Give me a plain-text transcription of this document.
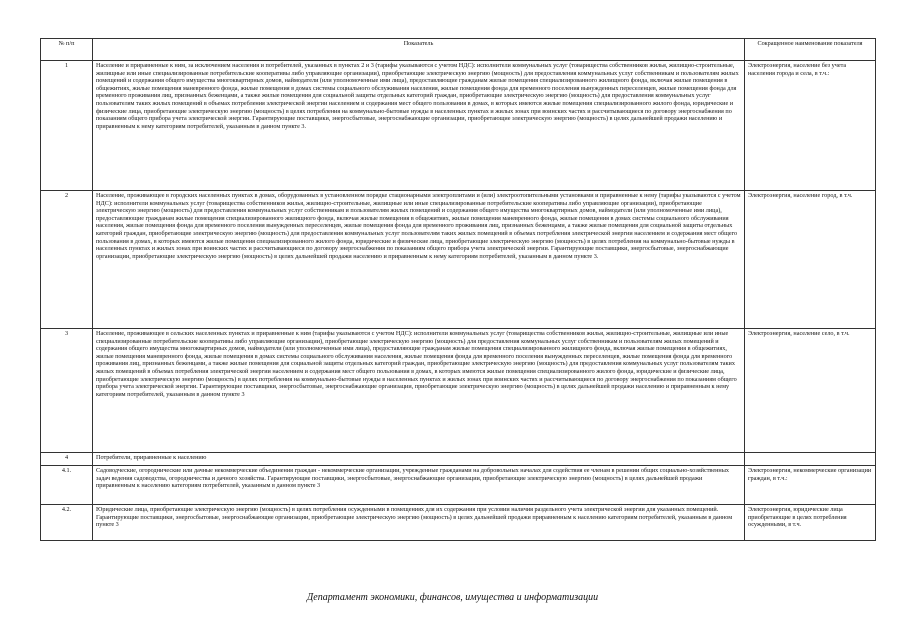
№ п/п	Показатель	Сокращенное наименование показателя
1	Население и приравненные к ним, за исключением населения и потребителей, указанных в пунктах 2 и 3 (тарифы указываются с учетом НДС): исполнители коммунальных услуг (товарищества собственников жилья, жилищно-строительные, жилищные или иные специализированные потребительские кооперативы либо управляющие организации), приобретающие электрическую энергию (мощность) для предоставления коммунальных услуг собственникам и пользователям жилых помещений и содержания общего имущества многоквартирных домов, наймодатели (или уполномоченные ими лица), предоставляющие гражданам жилые помещения специализированного жилищного фонда, включая жилые помещения в общежитиях, жилые помещения маневренного фонда, жилые помещения в домах системы социального обслуживания населения, жилые помещения фонда для временного поселения вынужденных переселенцев, жилые помещения фонда для временного проживания лиц, признанных беженцами, а также жилые помещения для социальной защиты отдельных категорий граждан, приобретающие электрическую энергию (мощность) для предоставления коммунальных услуг пользователям таких жилых помещений в объемах потребления электрической энергии населением и содержания мест общего пользования в домах, в которых имеются жилые помещения специализированного жилого фонда, юридические и физические лица, приобретающие электрическую энергию (мощность) в целях потребления на коммунально-бытовые нужды в населенных пунктах и жилых зонах при воинских частях и рассчитывающиеся по договору энергоснабжения по показаниям общего прибора учета электрической энергии. Гарантирующие поставщики, энергосбытовые, энергоснабжающие организации, приобретающие электрическую энергию (мощность) в целях дальнейшей продажи населению и приравненным к нему категориям потребителей, указанным в данном пункте 3.	Электроэнергия, население без учета населения города и села, в т.ч.:
2	Население, проживающее в городских населенных пунктах в домах, оборудованных в установленном порядке стационарными электроплитами и (или) электроотопительными установками и приравненные к нему (тарифы указываются с учетом НДС): исполнители коммунальных услуг (товарищества собственников жилья, жилищно-строительные, жилищные или иные специализированные потребительские кооперативы либо управляющие организации), приобретающие электрическую энергию (мощность) для предоставления коммунальных услуг собственникам и пользователям жилых помещений и содержания общего имущества многоквартирных домов, наймодатели (или уполномоченные ими лица), предоставляющие гражданам жилые помещения специализированного жилищного фонда, включая жилые помещения в общежитиях, жилые помещения маневренного фонда, жилые помещения в домах системы социального обслуживания населения, жилые помещения фонда для временного поселения вынужденных переселенцев, жилые помещения фонда для временного проживания лиц, признанных беженцами, а также жилые помещения для социальной защиты отдельных категорий граждан, приобретающие электрическую энергию (мощность) для предоставления коммунальных услуг пользователям таких жилых помещений в объемах потребления электрической энергии населением и содержания мест общего пользования в домах, в которых имеются жилые помещения специализированного жилого фонда, юридические и физические лица, приобретающие электрическую энергию (мощность) в целях потребления на коммунально-бытовые нужды в населенных пунктах и жилых зонах при воинских частях и рассчитывающиеся по договору энергоснабжения по показаниям общего прибора учета электрической энергии. Гарантирующие поставщики, энергосбытовые, энергоснабжающие организации, приобретающие электрическую энергию (мощность) в целях дальнейшей продажи населению и приравненным к нему категориям потребителей, указанным в данном пункте 3.	Электроэнергия, население город, в т.ч.
3	Население, проживающее в сельских населенных пунктах и приравненные к ним (тарифы указываются с учетом НДС): исполнители коммунальных услуг (товарищества собственников жилья, жилищно-строительные, жилищные или иные специализированные потребительские кооперативы либо управляющие организации), приобретающие электрическую энергию (мощность) для предоставления коммунальных услуг собственникам и пользователям жилых помещений и содержания общего имущества многоквартирных домов, наймодатели (или уполномоченные ими лица), предоставляющие гражданам жилые помещения специализированного жилищного фонда, включая жилые помещения в общежитиях, жилые помещения маневренного фонда, жилые помещения в домах системы социального обслуживания населения, жилые помещения фонда для временного поселения вынужденных переселенцев, жилые помещения фонда для временного проживания лиц, признанных беженцами, а также жилые помещения для социальной защиты отдельных категорий граждан, приобретающие электрическую энергию (мощность) для предоставления коммунальных услуг пользователям таких жилых помещений в объемах потребления электрической энергии населением и содержания мест общего пользования в домах, в которых имеются жилые помещения специализированного жилого фонда, юридические и физические лица, приобретающие электрическую энергию (мощность) в целях потребления на коммунально-бытовые нужды в населенных пунктах и жилых зонах при воинских частях и рассчитывающиеся по договору энергоснабжения по показаниям общего прибора учета электрической энергии. Гарантирующие поставщики, энергосбытовые, энергоснабжающие организации, приобретающие электрическую энергию (мощность) в целях дальнейшей продажи населению и приравненным к нему категориям потребителей, указанным в данном пункте 3	Электроэнергия, население село, в т.ч.
4	Потребители, приравненные к населению	
4.1.	Садоводческие, огороднические или дачные некоммерческие объединения граждан - некоммерческие организации, учрежденные гражданами на добровольных началах для содействия ее членам в решении общих социально-хозяйственных задач ведения садоводства, огородничества и дачного хозяйства. Гарантирующие поставщики, энергосбытовые, энергоснабжающие организации, приобретающие электрическую энергию (мощность) в целях дальнейшей продажи приравненным к населению категориям потребителей, указанным в данном пункте 3	Электроэнергия, некоммерческие организации граждан, в т.ч.:
4.2.	Юридические лица, приобретающие электрическую энергию (мощность) в целях потребления осужденными в помещениях для их содержания при условии наличия раздельного учета электрической энергии для указанных помещений. Гарантирующие поставщики, энергосбытовые, энергоснабжающие организации, приобретающие электрическую энергию (мощность) в целях дальнейшей продажи приравненным к населению категориям потребителей, указанным в данном пункте 3	Электроэнергия, юридические лица приобретающие в целях потребления осужденными, в т.ч.
Департамент экономики, финансов, имущества и информатизации
